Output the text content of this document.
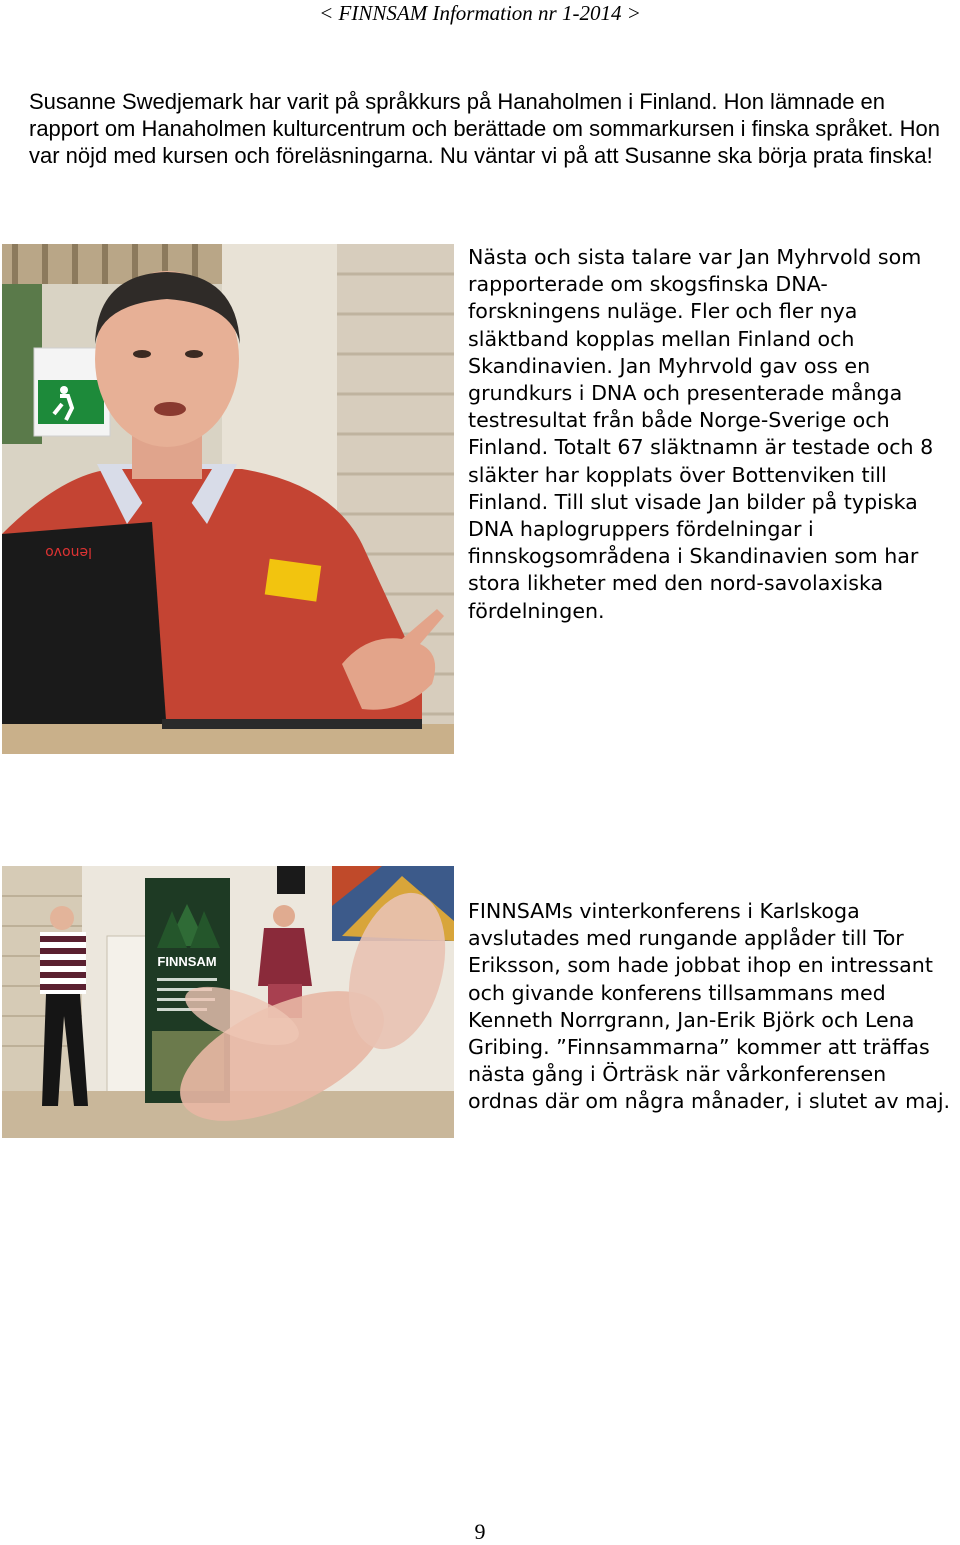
< FINNSAM Information nr 1-2014 >

Susanne Swedjemark har varit på språkkurs på Hanaholmen i Finland. Hon lämnade en rapport om Hanaholmen kulturcentrum och berättade om sommarkursen i finska språket. Hon var nöjd med kursen och föreläsningarna. Nu väntar vi på att Susanne ska börja prata finska!

lenovo

Nästa och sista talare var Jan Myhrvold som rapporterade om skogsfinska DNA-forskningens nuläge. Fler och fler nya släktband kopplas mellan Finland och Skandinavien. Jan Myhrvold gav oss en grundkurs i DNA och presenterade många testresultat från både Norge-Sverige och Finland. Totalt 67 släktnamn är testade och 8 släkter har kopplats över Bottenviken till Finland. Till slut visade Jan bilder på typiska DNA haplogruppers fördelningar i finnskogsområdena i Skandinavien som har stora likheter med den nord-savolaxiska fördelningen.

FINNSAM

FINNSAMs vinterkonferens i Karlskoga avslutades med rungande applåder till Tor Eriksson, som hade jobbat ihop en intressant och givande konferens tillsammans med Kenneth Norrgrann, Jan-Erik Björk och Lena Gribing. ”Finnsammarna” kommer att träffas nästa gång i Örträsk när vårkonferensen ordnas där om några månader, i slutet av maj.

9
